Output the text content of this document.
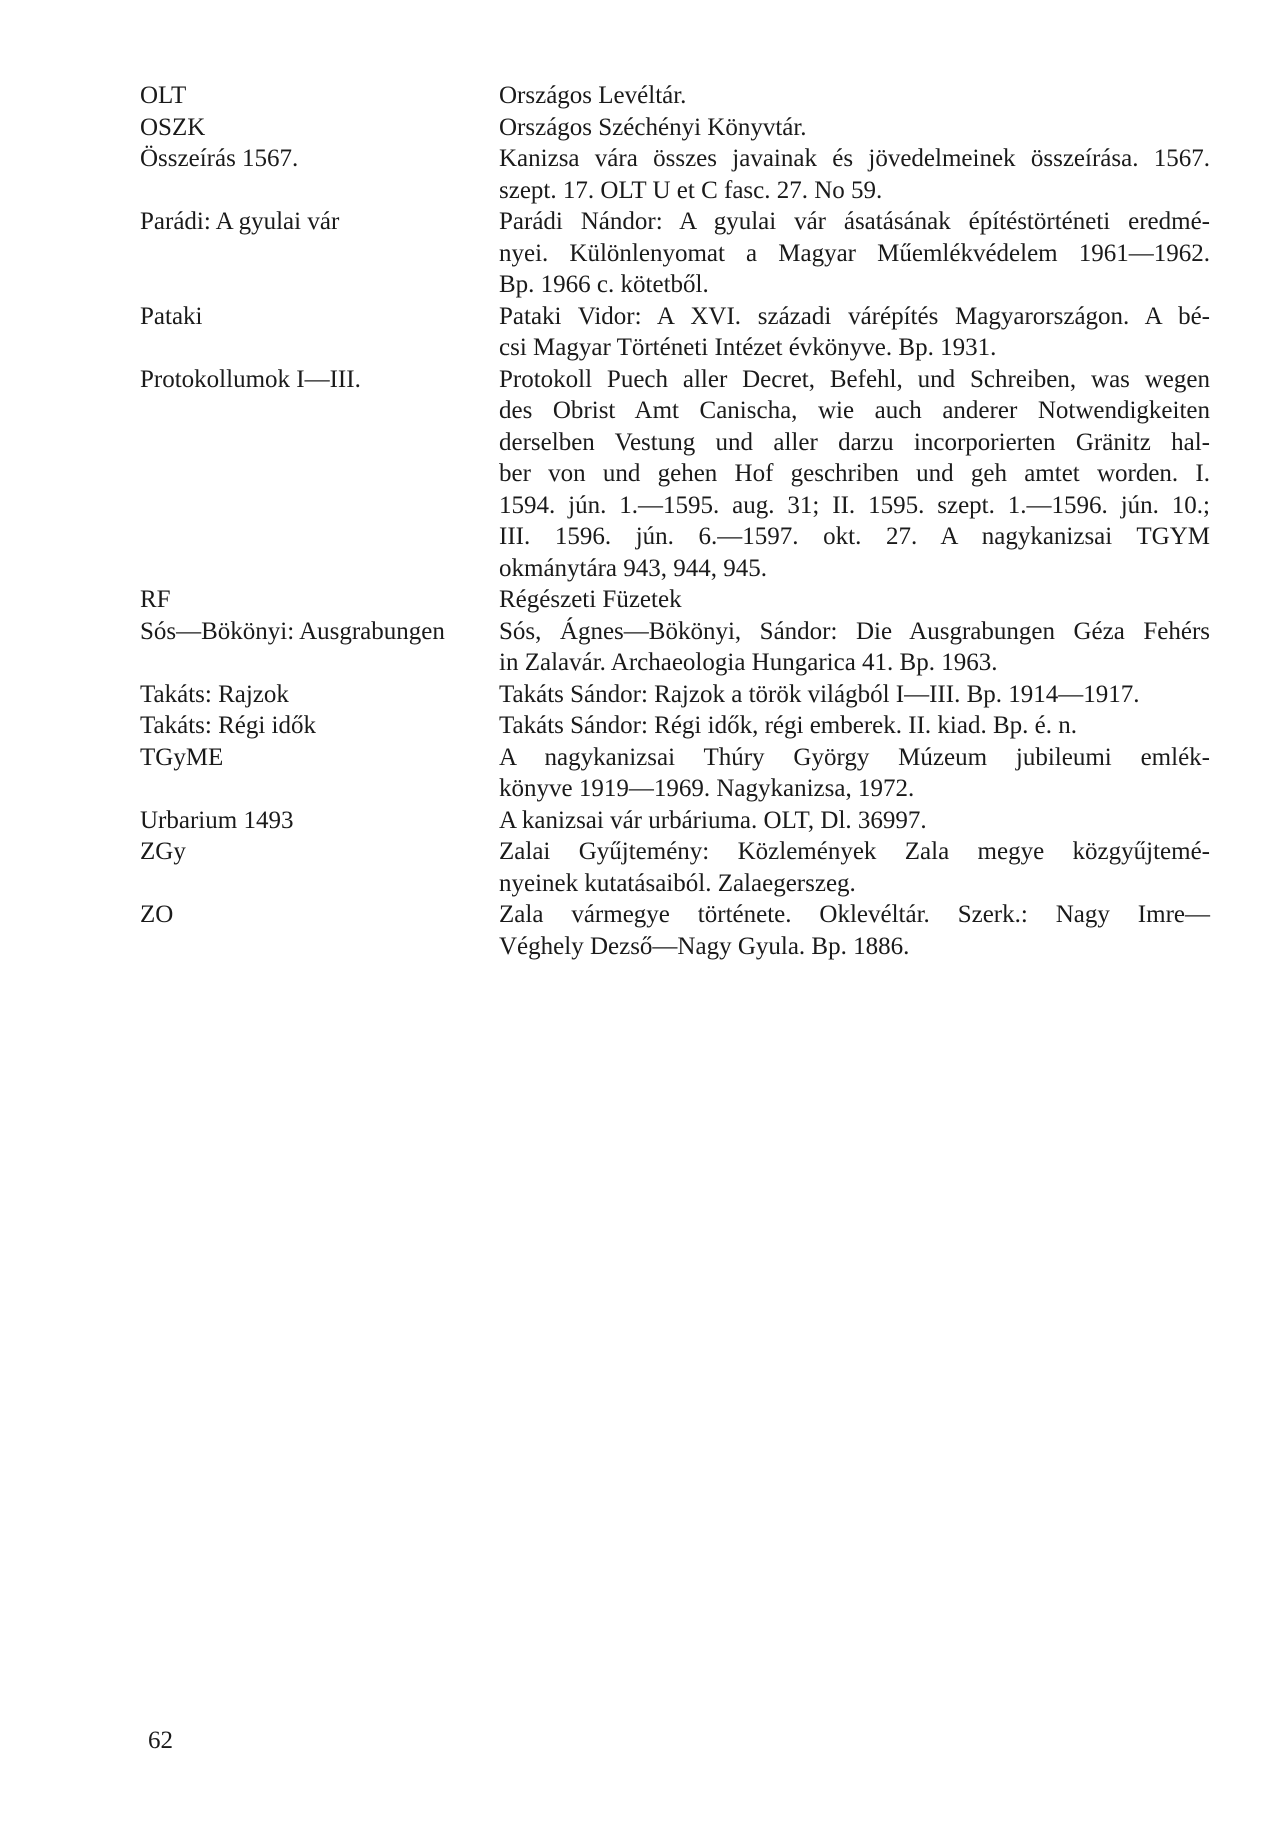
OLT	Országos Levéltár.
OSZK	Országos Széchényi Könyvtár.
Összeírás 1567.	Kanizsa vára összes javainak és jövedelmeinek összeírása. 1567.
szept. 17. OLT U et C fasc. 27. No 59.
Parádi: A gyulai vár	Parádi Nándor: A gyulai vár ásatásának építéstörténeti eredmé-
nyei. Különlenyomat a Magyar Műemlékvédelem 1961—1962.
Bp. 1966 c. kötetből.
Pataki	Pataki Vidor: A XVI. századi várépítés Magyarországon. A bé-
csi Magyar Történeti Intézet évkönyve. Bp. 1931.
Protokollumok I—III.	Protokoll Puech aller Decret, Befehl, und Schreiben, was wegen
des Obrist Amt Canischa, wie auch anderer Notwendigkeiten
derselben Vestung und aller darzu incorporierten Gränitz hal-
ber von und gehen Hof geschriben und geh amtet worden. I.
1594. jún. 1.—1595. aug. 31; II. 1595. szept. 1.—1596. jún. 10.;
III. 1596. jún. 6.—1597. okt. 27. A nagykanizsai TGYM
okmánytára 943, 944, 945.
RF	Régészeti Füzetek
Sós—Bökönyi: Ausgrabungen	Sós, Ágnes—Bökönyi, Sándor: Die Ausgrabungen Géza Fehérs
in Zalavár. Archaeologia Hungarica 41. Bp. 1963.
Takáts: Rajzok	Takáts Sándor: Rajzok a török világból I—III. Bp. 1914—1917.
Takáts: Régi idők	Takáts Sándor: Régi idők, régi emberek. II. kiad. Bp. é. n.
TGyME	A nagykanizsai Thúry György Múzeum jubileumi emlék-
könyve 1919—1969. Nagykanizsa, 1972.
Urbarium 1493	A kanizsai vár urbáriuma. OLT, Dl. 36997.
ZGy	Zalai Gyűjtemény: Közlemények Zala megye közgyűjtemé-
nyeinek kutatásaiból. Zalaegerszeg.
ZO	Zala vármegye története. Oklevéltár. Szerk.: Nagy Imre—
Véghely Dezső—Nagy Gyula. Bp. 1886.
62
